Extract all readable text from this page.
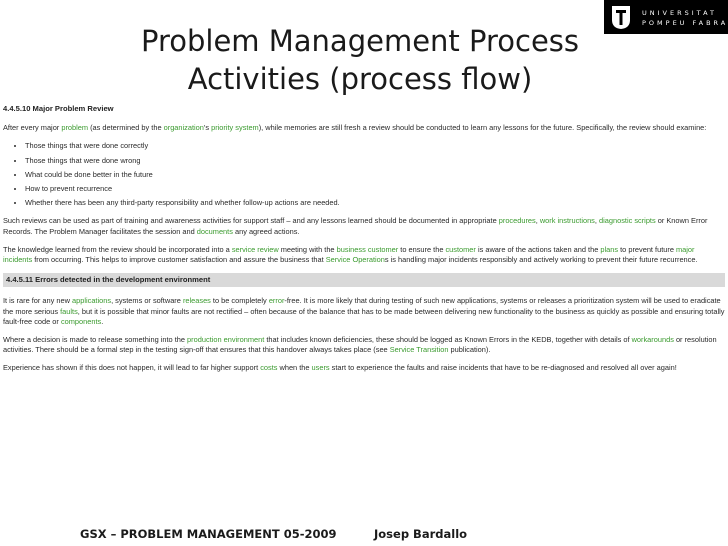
UNIVERSITAT
POMPEU FABRA
Problem Management Process
Activities (process flow)
4.4.5.10 Major Problem Review

After every major problem (as determined by the organization's priority system), while memories are still fresh a review should be conducted to learn any lessons for the future. Specifically, the review should examine:

• Those things that were done correctly
• Those things that were done wrong
• What could be done better in the future
• How to prevent recurrence
• Whether there has been any third-party responsibility and whether follow-up actions are needed.

Such reviews can be used as part of training and awareness activities for support staff – and any lessons learned should be documented in appropriate procedures, work instructions, diagnostic scripts or Known Error Records. The Problem Manager facilitates the session and documents any agreed actions.

The knowledge learned from the review should be incorporated into a service review meeting with the business customer to ensure the customer is aware of the actions taken and the plans to prevent future major incidents from occurring. This helps to improve customer satisfaction and assure the business that Service Operations is handling major incidents responsibly and actively working to prevent their future recurrence.

4.4.5.11 Errors detected in the development environment

It is rare for any new applications, systems or software releases to be completely error-free. It is more likely that during testing of such new applications, systems or releases a prioritization system will be used to eradicate the more serious faults, but it is possible that minor faults are not rectified – often because of the balance that has to be made between delivering new functionality to the business as quickly as possible and ensuring totally fault-free code or components.

Where a decision is made to release something into the production environment that includes known deficiencies, these should be logged as Known Errors in the KEDB, together with details of workarounds or resolution activities. There should be a formal step in the testing sign-off that ensures that this handover always takes place (see Service Transition publication).

Experience has shown if this does not happen, it will lead to far higher support costs when the users start to experience the faults and raise incidents that have to be re-diagnosed and resolved all over again!

GSX – PROBLEM MANAGEMENT 05-2009	Josep Bardallo
